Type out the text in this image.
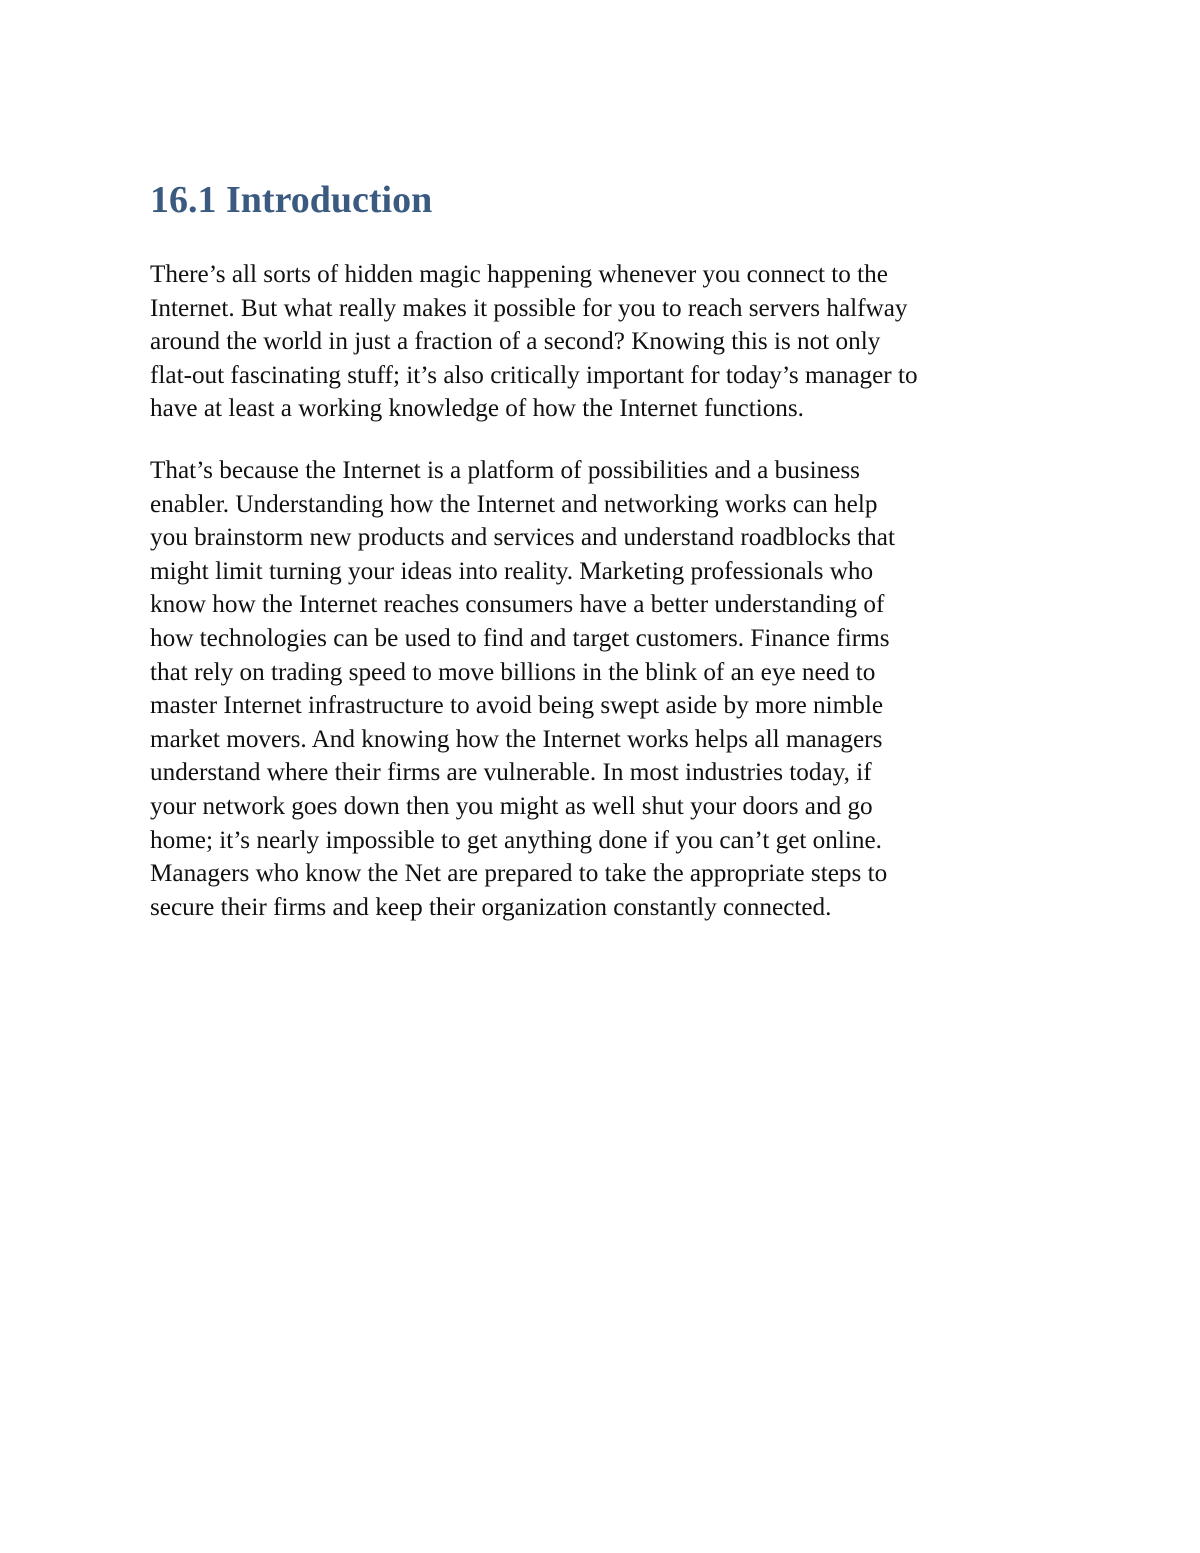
16.1 Introduction

There’s all sorts of hidden magic happening whenever you connect to the
Internet. But what really makes it possible for you to reach servers halfway
around the world in just a fraction of a second? Knowing this is not only
flat-out fascinating stuff; it’s also critically important for today’s manager to
have at least a working knowledge of how the Internet functions.

That’s because the Internet is a platform of possibilities and a business
enabler. Understanding how the Internet and networking works can help
you brainstorm new products and services and understand roadblocks that
might limit turning your ideas into reality. Marketing professionals who
know how the Internet reaches consumers have a better understanding of
how technologies can be used to find and target customers. Finance firms
that rely on trading speed to move billions in the blink of an eye need to
master Internet infrastructure to avoid being swept aside by more nimble
market movers. And knowing how the Internet works helps all managers
understand where their firms are vulnerable. In most industries today, if
your network goes down then you might as well shut your doors and go
home; it’s nearly impossible to get anything done if you can’t get online.
Managers who know the Net are prepared to take the appropriate steps to
secure their firms and keep their organization constantly connected.
